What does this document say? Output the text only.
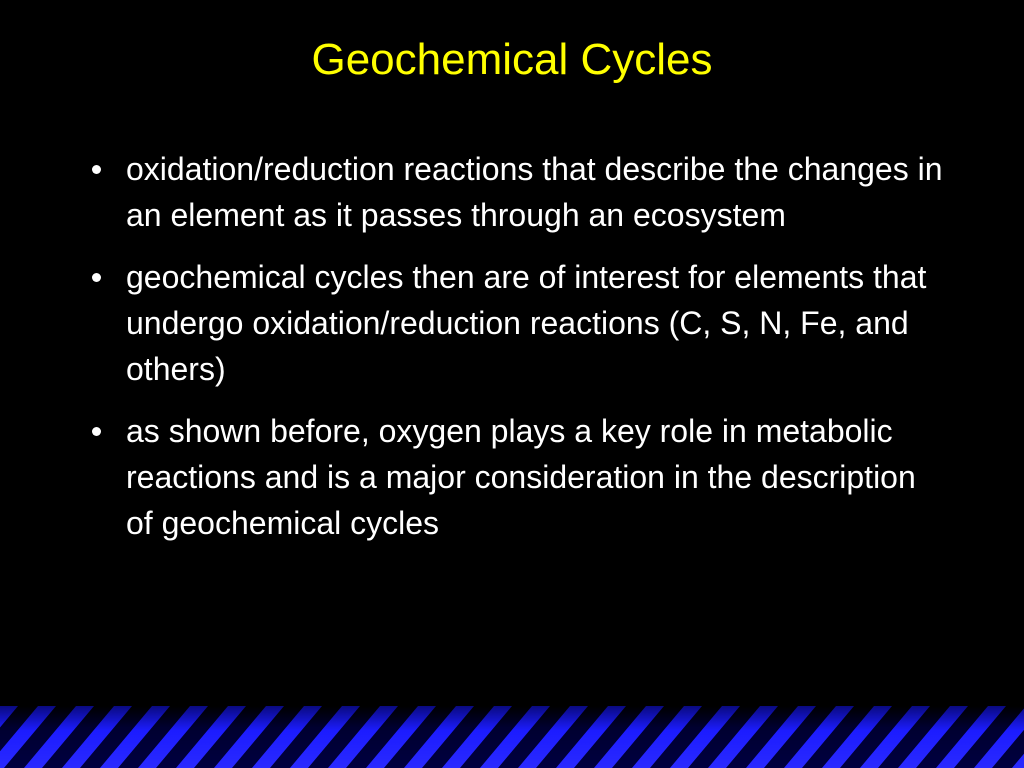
Geochemical Cycles
oxidation/reduction reactions that describe the changes in an element as it passes through an ecosystem
geochemical cycles then are of interest for elements that undergo oxidation/reduction reactions (C, S, N, Fe, and others)
as shown before, oxygen plays a key role in metabolic reactions and is a major consideration in the description of geochemical cycles
